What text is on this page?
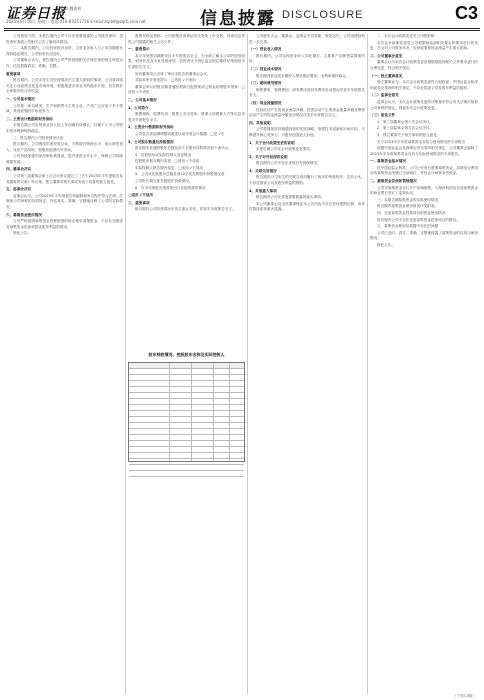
证券日报
编辑 魏嘉荷
2023年8月16日 星期三 电话:010-83251716 E-mail:zqrb9@zqrb.sina.net	信息披露 DISCLOSURE	C3

公司债券方面，本报告期内公司不存在需要披露的公司债券事项，投资者可查阅公司相关公告了解具体情况。

二、本报告期内，公司经营情况良好，主营业务收入与上年同期相比保持稳定增长，公司财务状况良好。

公司董事会认为，报告期内公司严格按照相关法律法规的规定规范运作，信息披露真实、准确、完整。

重要事项

报告期内，公司未发生对经营情况产生重大影响的事项，公司将持续关注行业政策变化及市场环境，积极推进各项业务的稳步开展，切实维护全体股东的合法权益。

一、公司基本情况

公司是一家以研发、生产和销售为主的企业，产品广泛应用于多个领域，具有较强的市场竞争力。

二、主要会计数据和财务指标

本报告期公司实现营业收入较上年同期有所增长，归属于上市公司股东的净利润保持稳定。

三、报告期内公司经营情况讨论

报告期内，公司围绕年度经营目标，不断提升管理水平，加大研发投入，优化产品结构，积极拓展国内外市场。

公司持续加强内部控制体系建设，提升规范运作水平，保障公司持续健康发展。

四、董事会决议

公司第三届董事会第十次会议审议通过了《关于2023年半年度报告及其摘要的议案》等议案，独立董事对相关事项发表了同意的独立意见。

五、监事会决议

监事会认为，公司2023年半年度报告的编制和审议程序符合法律、法规和公司章程的各项规定，内容真实、准确、完整地反映了公司的实际情况。

六、募集资金使用情况

公司严格按照募集资金管理制度的规定使用募集资金，不存在变相改变募集资金用途和损害股东利益的情况。

特此公告。

股票代码及简称：公司股票在深圳证券交易所上市交易，具体信息详见公司披露的相关公告文件。

一、重要提示

本半年度报告摘要来自半年度报告全文，为全面了解本公司的经营成果、财务状况及未来发展规划，投资者应当到证监会指定媒体仔细阅读半年度报告全文。

所有董事均已出席了审议本报告的董事会会议。

非标准审计意见提示：□适用 √不适用

董事会审议的报告期普通股利润分配预案或公积金转增股本预案：□适用 √不适用

二、公司基本情况

1、公司简介

股票简称、股票代码、股票上市交易所、联系人和联系方式等信息详见半年度报告全文。

2、主要会计数据和财务指标

公司是否需追溯调整或重述以前年度会计数据：□是 √否

3、公司股东数量及持股情况

报告期末普通股股东总数及前十名股东持股情况如下表所示。

4、控股股东或实际控制人变更情况

控股股东报告期内变更：□适用 √不适用

实际控制人报告期内变更：□适用 √不适用

5、公司优先股股东总数及前10名优先股股东持股情况表

公司报告期无优先股股东持股情况。

6、在半年度报告批准报出日存续的债券情况

□适用 √不适用

三、重要事项

报告期内公司经营情况未发生重大变化，详见半年度报告全文。

公司股东大会、董事会、监事会各司其职，规范运作，公司治理结构进一步完善。

（一）营业收入情况

报告期内，公司实现营业收入同比增长，主要系产品销售量增加所致。

（二）营业成本情况

报告期内营业成本随收入增长相应增加，毛利率保持稳定。

（三）期间费用情况

销售费用、管理费用、研发费用及财务费用变动情况详见半年度报告全文。

（四）现金流量情况

经营活动产生的现金流量净额、投资活动产生的现金流量净额及筹资活动产生的现金流量净额变动情况详见半年度报告全文。

四、其他说明

公司将继续坚持稳健经营的发展战略，加强技术创新和市场开拓，不断提升核心竞争力，为股东创造更大价值。

1、关于会计政策变更的说明

本报告期公司无会计政策变更事项。

2、关于对外担保的说明

报告期内公司不存在违规对外担保情况。

3、关联交易情况

报告期内公司发生的关联交易均履行了相应的审批程序，定价公允，不存在损害公司及股东利益的情形。

4、其他重大事项

报告期内公司无其他需要披露的重大事项。

本公司董事会及全体董事保证本公告内容不存在任何虚假记载、误导性陈述或者重大遗漏。

二、本次会计政策变更对公司的影响

本次会计政策变更是公司根据财政部相关规定和要求进行的变更，不会对公司财务状况、经营成果和现金流量产生重大影响。

三、公司董事会意见

董事会认为本次会计政策变更是根据财政部相关文件要求进行的合理变更，符合相关规定。

（一）独立董事意见

独立董事认为，本次会计政策变更符合财政部、中国证监会和深圳证券交易所的相关规定，不存在损害公司及股东利益的情形。

（二）监事会意见

监事会认为，本次会计政策变更的决策程序符合有关法律法规和公司章程的规定，同意本次会计政策变更。

（三）备查文件

1、第三届董事会第十次会议决议；

2、第三届监事会第九次会议决议；

3、独立董事关于相关事项的独立意见。

关于2023年半年度募集资金存放与使用情况的专项报告

根据中国证监会及深圳证券交易所相关规定，公司董事会编制了2023年半年度募集资金存放与实际使用情况的专项报告。

一、募集资金基本情况

经中国证监会核准，公司公开发行股票募集资金，扣除发行费用后的募集资金净额已全部到位，并经会计师事务所验证。

二、募集资金存放和管理情况

公司对募集资金实行专户存储制度，与保荐机构及存放募集资金的商业银行签订了监管协议。

三、本报告期募集资金的实际使用情况

报告期内募集资金使用情况详见附表。

四、变更募集资金投资项目的资金使用情况

报告期内公司不存在变更募集资金投资项目的情况。

五、募集资金使用及披露中存在的问题

公司已及时、真实、准确、完整地披露了募集资金的存放与使用情况。

特此公告。

股东持股情况、控股股东名称及实际控制人
（下转C4版）
